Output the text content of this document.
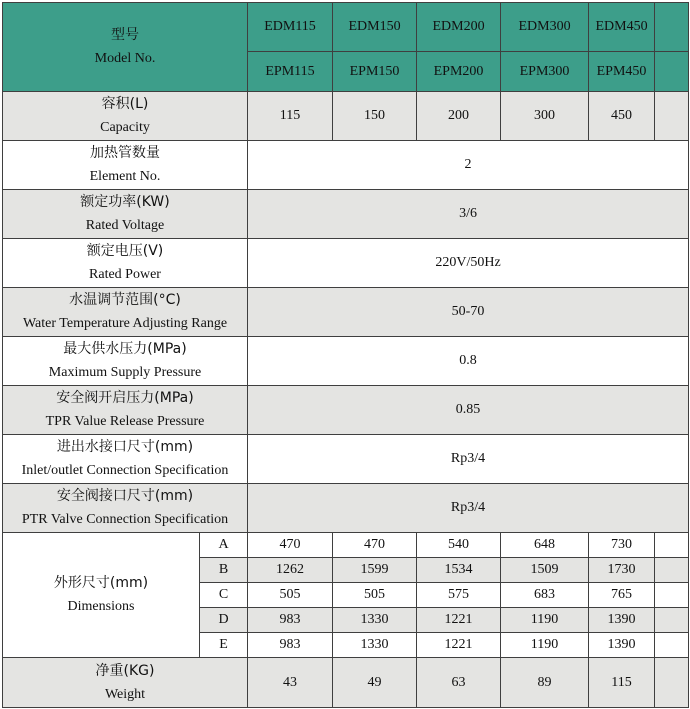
型号
Model No.		EDM115	EDM150	EDM200	EDM300	EDM450	
		EPM115	EPM150	EPM200	EPM300	EPM450	

容积(L)
Capacity		115	150	200	300	450	

加热管数量
Element No.		2					

额定功率(KW)
Rated Voltage		3/6					

额定电压(V)
Rated Power		220V/50Hz					

水温调节范围(°C)
Water Temperature Adjusting Range		50-70					

最大供水压力(MPa)
Maximum Supply Pressure		0.8					

安全阀开启压力(MPa)
TPR Value Release Pressure		0.85					

进出水接口尺寸(mm)
Inlet/outlet Connection Specification		Rp3/4					

安全阀接口尺寸(mm)
PTR Valve Connection Specification		Rp3/4					

外形尺寸(mm)
Dimensions	A	470	470	540	648	730	
	B	1262	1599	1534	1509	1730	
	C	505	505	575	683	765	
	D	983	1330	1221	1190	1390	
	E	983	1330	1221	1190	1390	

净重(KG)
Weight		43	49	63	89	115	
